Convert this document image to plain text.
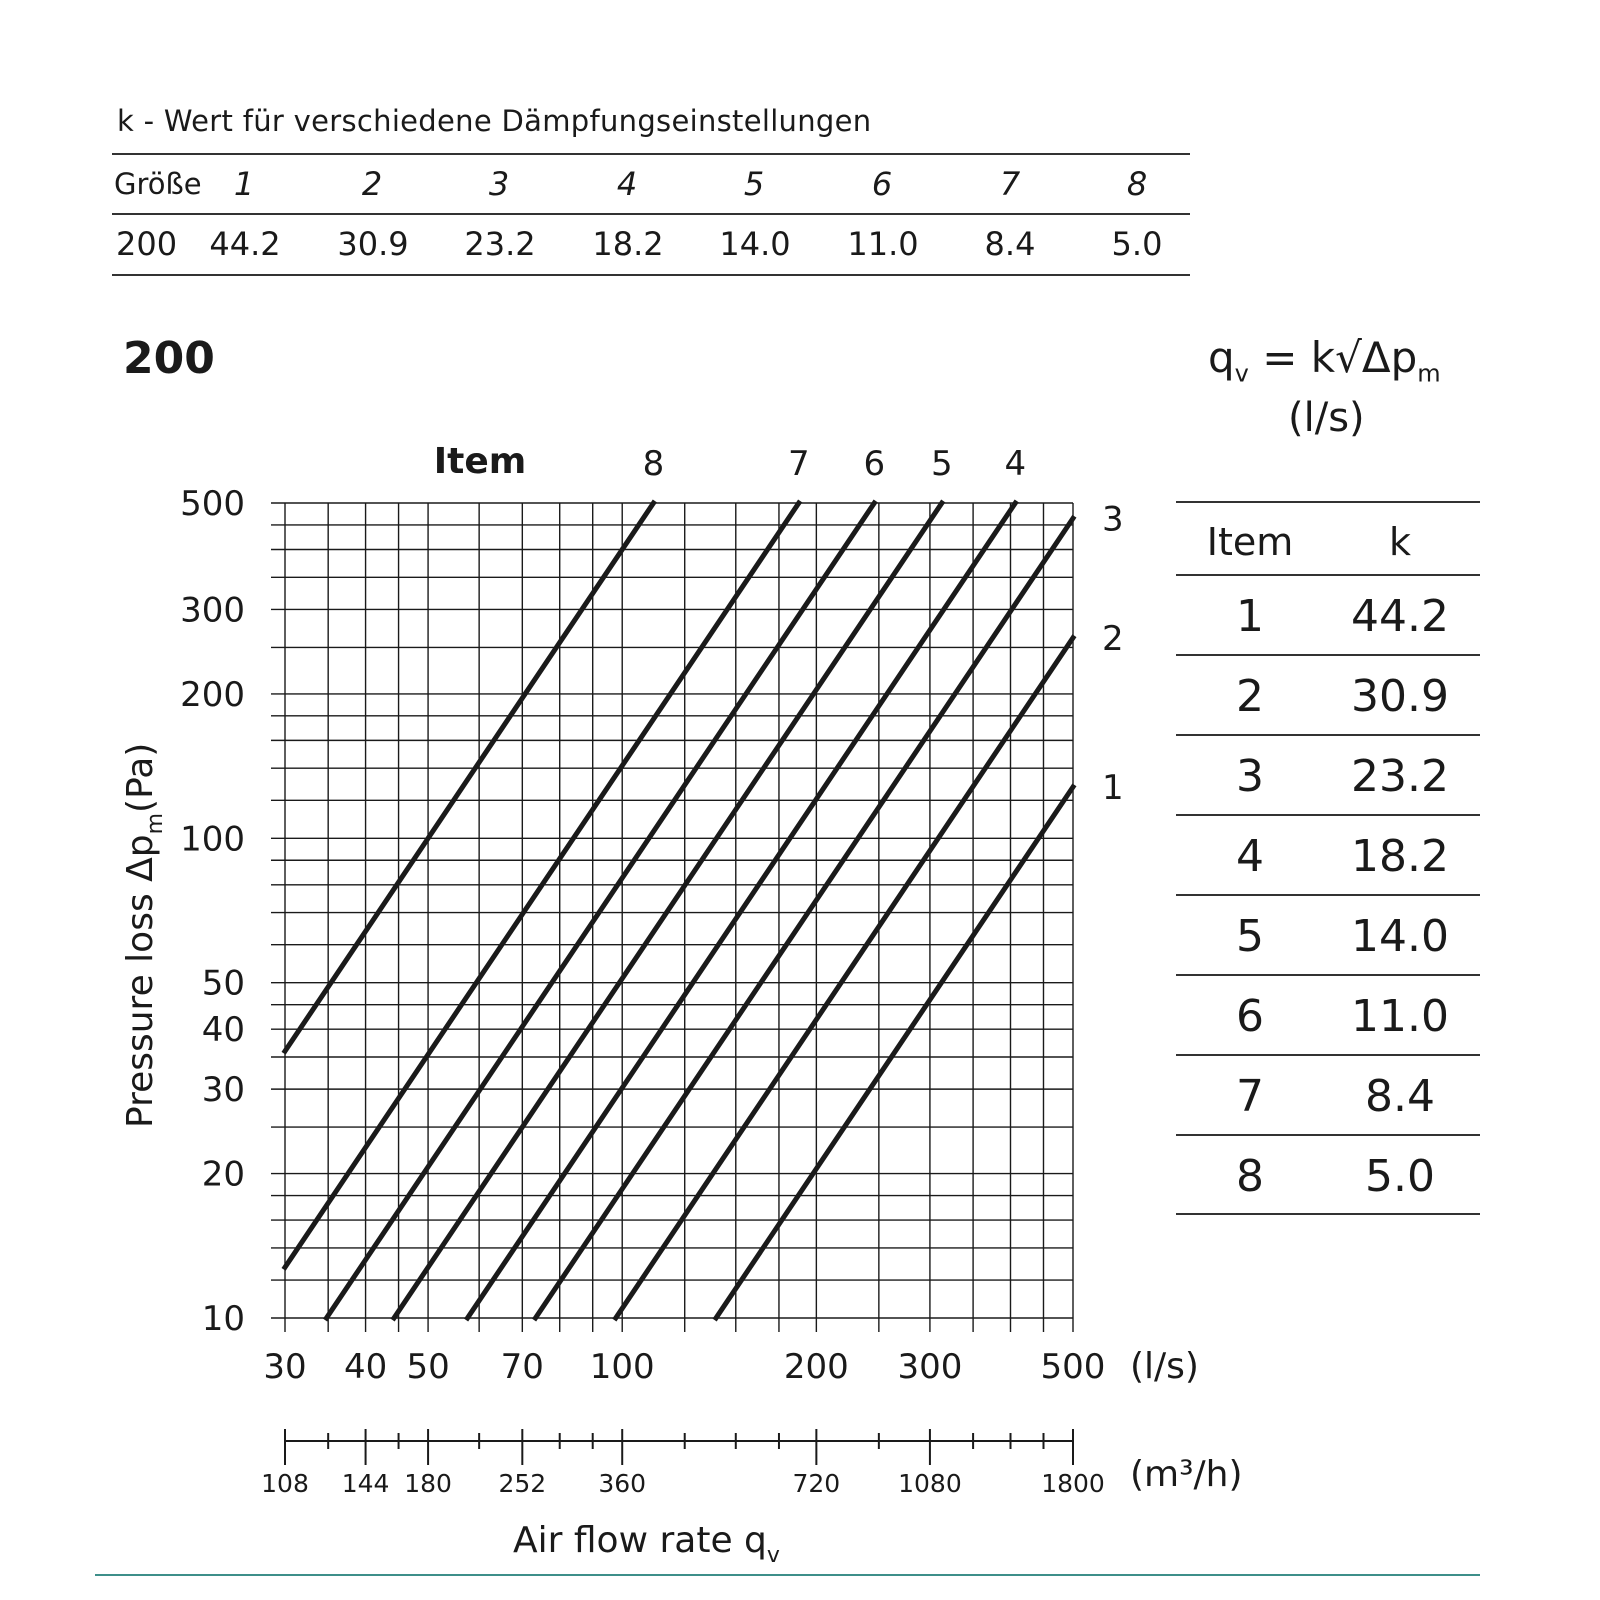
k - Wert für verschiedene Dämpfungseinstellungen
Größe 1	2	3	4	5	6	7	8
200 44.2 30.9 23.2 18.2 14.0 11.0 8.4 5.0
200	$q_v = k√\Delta p_m$
(l/s)
Item	k
1 44.2
2 30.9
3 23.2
4 18.2
5 14.0
6 11.0
7 8.4
8 5.0
30 40 50 70 100	200 300 500
10
20
30
40
50
100
200
300
500
1
2
3
4
5
6
7
8
108 144 180 252 360	720 1080	1800
Item
(l/s)
(m³/h)
Air flow rate $q_v$
Pressure loss $\Delta p_m(Pa)$
